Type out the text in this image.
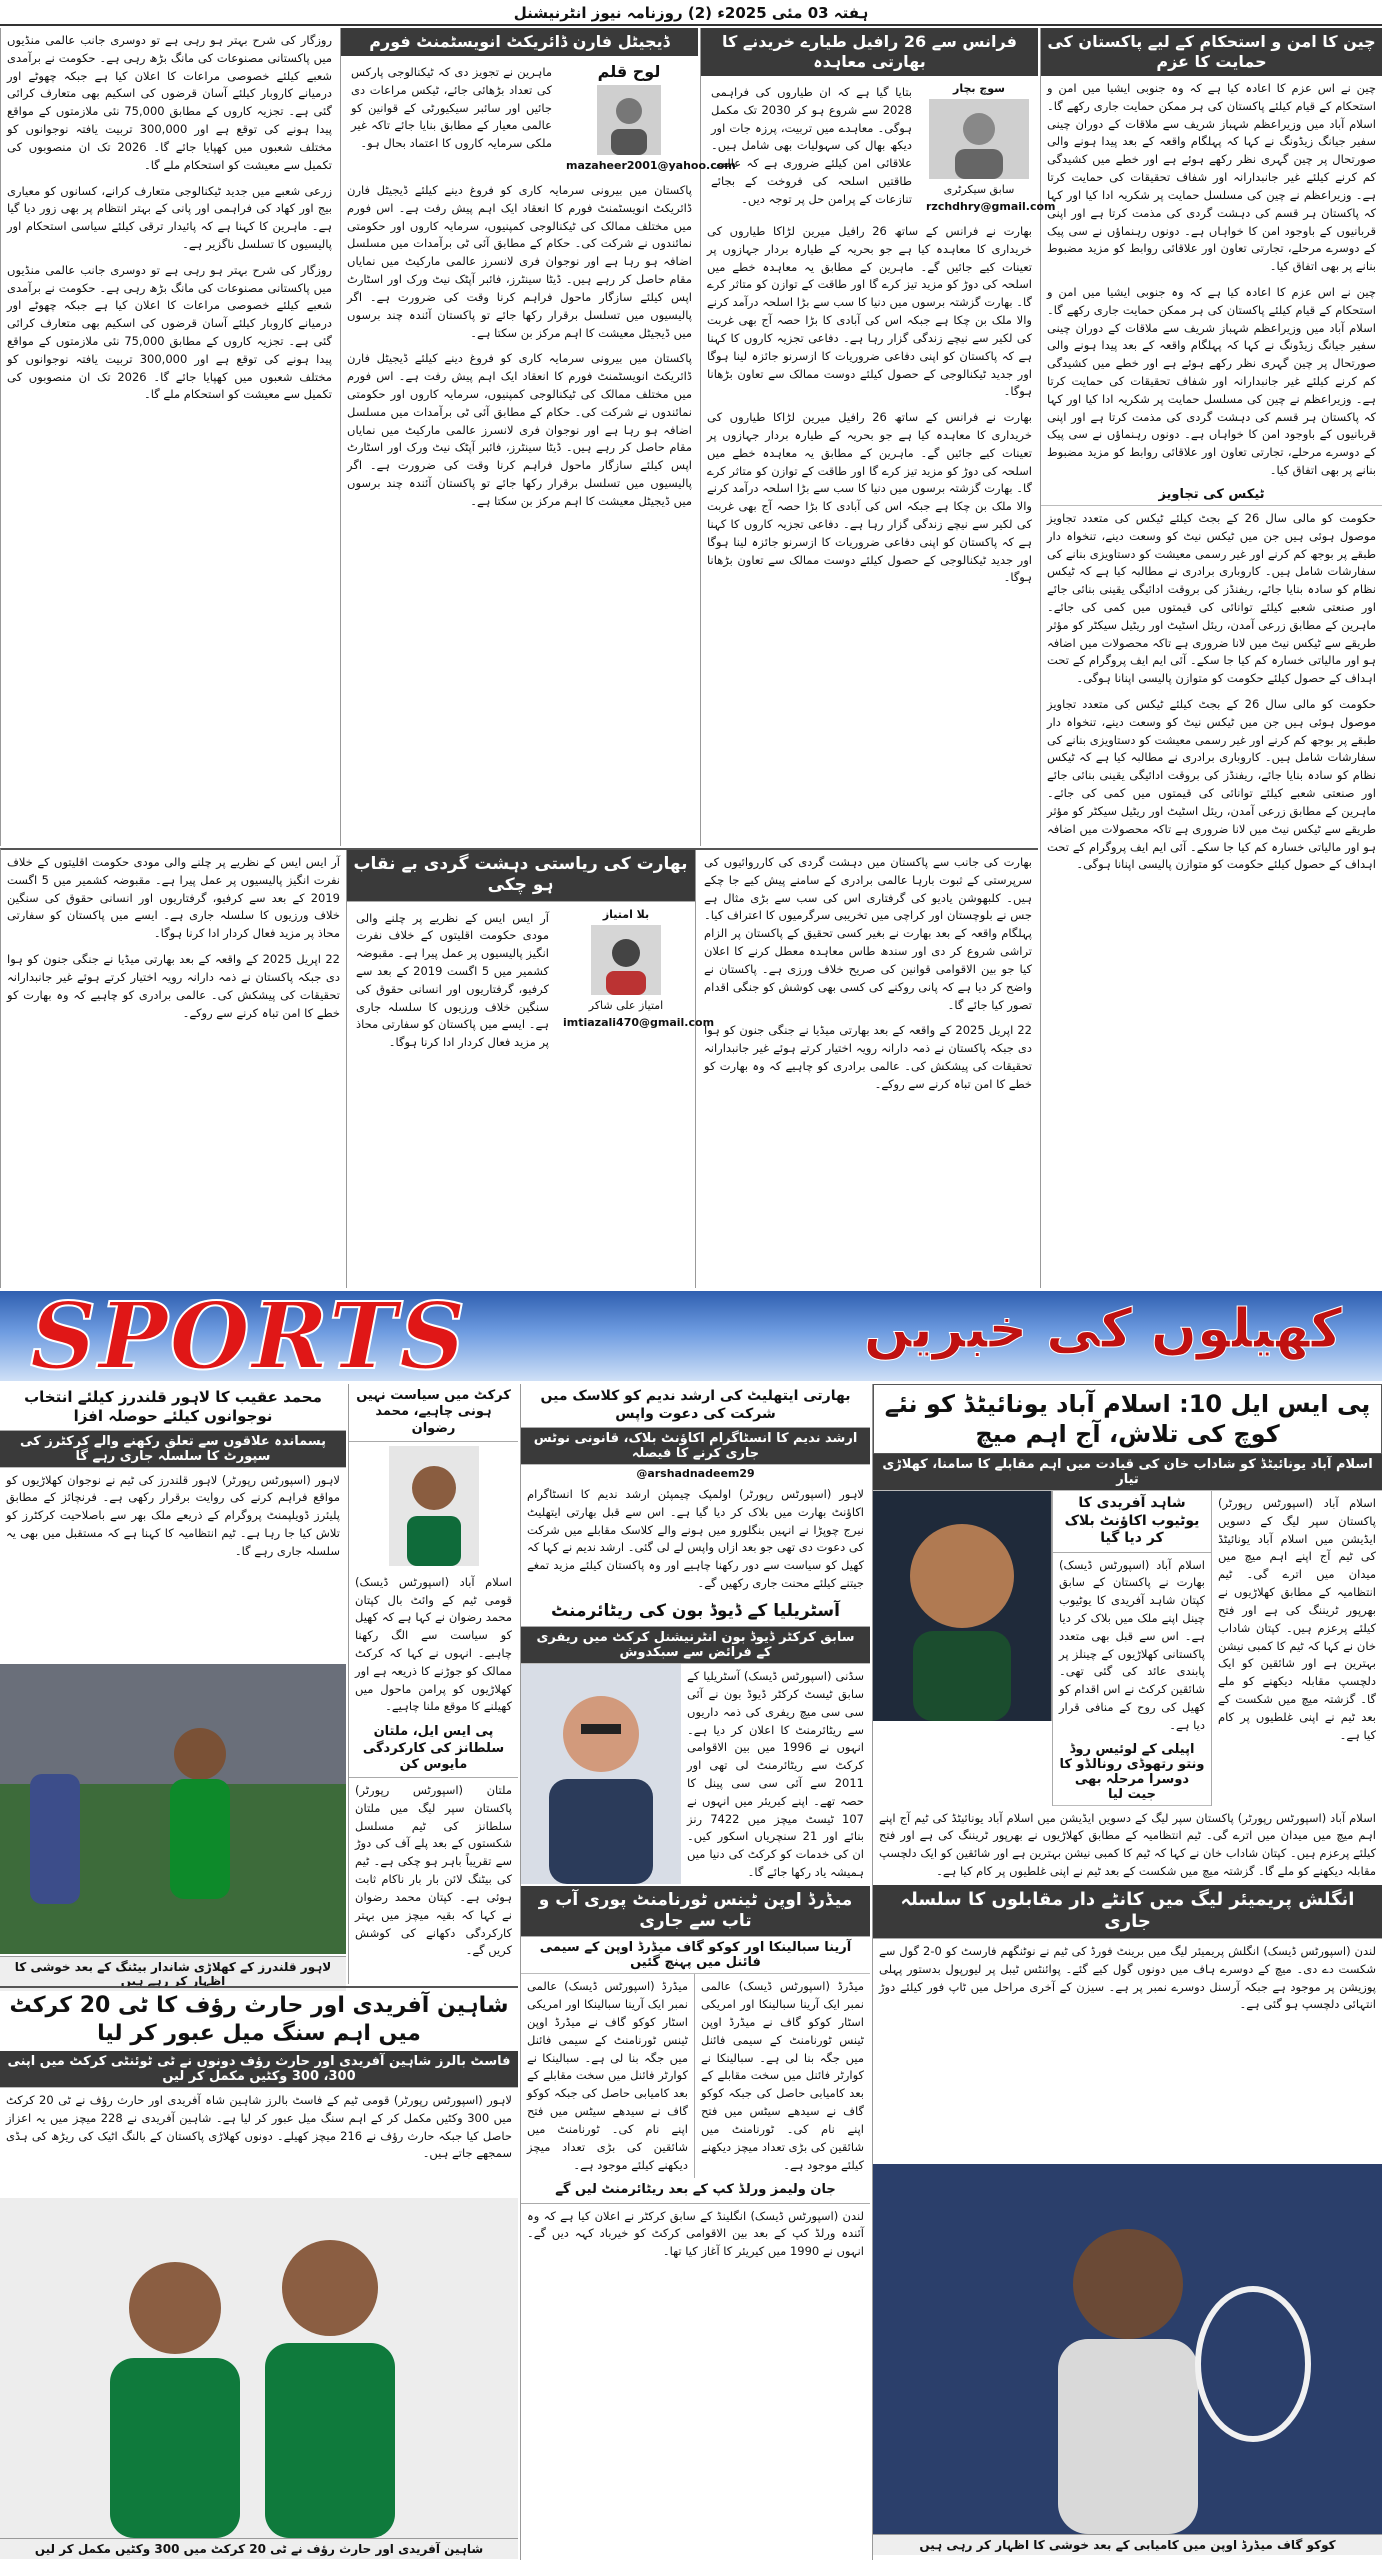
ہفتہ 03 مئی 2025ء (2) روزنامہ نیوز انٹرنیشنل
چین کا امن و استحکام کے لیے پاکستان کی حمایت کا عزم
چین نے اس عزم کا اعادہ کیا ہے کہ وہ جنوبی ایشیا میں امن و استحکام کے قیام کیلئے پاکستان کی ہر ممکن حمایت جاری رکھے گا۔ اسلام آباد میں وزیراعظم شہباز شریف سے ملاقات کے دوران چینی سفیر جیانگ زیڈونگ نے کہا کہ پہلگام واقعہ کے بعد پیدا ہونے والی صورتحال پر چین گہری نظر رکھے ہوئے ہے اور خطے میں کشیدگی کم کرنے کیلئے غیر جانبدارانہ اور شفاف تحقیقات کی حمایت کرتا ہے۔ وزیراعظم نے چین کی مسلسل حمایت پر شکریہ ادا کیا اور کہا کہ پاکستان ہر قسم کی دہشت گردی کی مذمت کرتا ہے اور اپنی قربانیوں کے باوجود امن کا خواہاں ہے۔ دونوں رہنماؤں نے سی پیک کے دوسرے مرحلے، تجارتی تعاون اور علاقائی روابط کو مزید مضبوط بنانے پر بھی اتفاق کیا۔
چین نے اس عزم کا اعادہ کیا ہے کہ وہ جنوبی ایشیا میں امن و استحکام کے قیام کیلئے پاکستان کی ہر ممکن حمایت جاری رکھے گا۔ اسلام آباد میں وزیراعظم شہباز شریف سے ملاقات کے دوران چینی سفیر جیانگ زیڈونگ نے کہا کہ پہلگام واقعہ کے بعد پیدا ہونے والی صورتحال پر چین گہری نظر رکھے ہوئے ہے اور خطے میں کشیدگی کم کرنے کیلئے غیر جانبدارانہ اور شفاف تحقیقات کی حمایت کرتا ہے۔ وزیراعظم نے چین کی مسلسل حمایت پر شکریہ ادا کیا اور کہا کہ پاکستان ہر قسم کی دہشت گردی کی مذمت کرتا ہے اور اپنی قربانیوں کے باوجود امن کا خواہاں ہے۔ دونوں رہنماؤں نے سی پیک کے دوسرے مرحلے، تجارتی تعاون اور علاقائی روابط کو مزید مضبوط بنانے پر بھی اتفاق کیا۔
ٹیکس کی تجاویز
حکومت کو مالی سال 26 کے بجٹ کیلئے ٹیکس کی متعدد تجاویز موصول ہوئی ہیں جن میں ٹیکس نیٹ کو وسعت دینے، تنخواہ دار طبقے پر بوجھ کم کرنے اور غیر رسمی معیشت کو دستاویزی بنانے کی سفارشات شامل ہیں۔ کاروباری برادری نے مطالبہ کیا ہے کہ ٹیکس نظام کو سادہ بنایا جائے، ریفنڈز کی بروقت ادائیگی یقینی بنائی جائے اور صنعتی شعبے کیلئے توانائی کی قیمتوں میں کمی کی جائے۔ ماہرین کے مطابق زرعی آمدن، ریئل اسٹیٹ اور ریٹیل سیکٹر کو مؤثر طریقے سے ٹیکس نیٹ میں لانا ضروری ہے تاکہ محصولات میں اضافہ ہو اور مالیاتی خسارہ کم کیا جا سکے۔ آئی ایم ایف پروگرام کے تحت اہداف کے حصول کیلئے حکومت کو متوازن پالیسی اپنانا ہوگی۔
حکومت کو مالی سال 26 کے بجٹ کیلئے ٹیکس کی متعدد تجاویز موصول ہوئی ہیں جن میں ٹیکس نیٹ کو وسعت دینے، تنخواہ دار طبقے پر بوجھ کم کرنے اور غیر رسمی معیشت کو دستاویزی بنانے کی سفارشات شامل ہیں۔ کاروباری برادری نے مطالبہ کیا ہے کہ ٹیکس نظام کو سادہ بنایا جائے، ریفنڈز کی بروقت ادائیگی یقینی بنائی جائے اور صنعتی شعبے کیلئے توانائی کی قیمتوں میں کمی کی جائے۔ ماہرین کے مطابق زرعی آمدن، ریئل اسٹیٹ اور ریٹیل سیکٹر کو مؤثر طریقے سے ٹیکس نیٹ میں لانا ضروری ہے تاکہ محصولات میں اضافہ ہو اور مالیاتی خسارہ کم کیا جا سکے۔ آئی ایم ایف پروگرام کے تحت اہداف کے حصول کیلئے حکومت کو متوازن پالیسی اپنانا ہوگی۔
فرانس سے 26 رافیل طیارے خریدنے کا بھارتی معاہدہ
سوچ بچار
سابق سیکرٹری
rzchdhry@gmail.com
بتایا گیا ہے کہ ان طیاروں کی فراہمی 2028 سے شروع ہو کر 2030 تک مکمل ہوگی۔ معاہدے میں تربیت، پرزہ جات اور دیکھ بھال کی سہولیات بھی شامل ہیں۔ علاقائی امن کیلئے ضروری ہے کہ عالمی طاقتیں اسلحہ کی فروخت کے بجائے تنازعات کے پرامن حل پر توجہ دیں۔
بھارت نے فرانس کے ساتھ 26 رافیل میرین لڑاکا طیاروں کی خریداری کا معاہدہ کیا ہے جو بحریہ کے طیارہ بردار جہازوں پر تعینات کیے جائیں گے۔ ماہرین کے مطابق یہ معاہدہ خطے میں اسلحہ کی دوڑ کو مزید تیز کرے گا اور طاقت کے توازن کو متاثر کرے گا۔ بھارت گزشتہ برسوں میں دنیا کا سب سے بڑا اسلحہ درآمد کرنے والا ملک بن چکا ہے جبکہ اس کی آبادی کا بڑا حصہ آج بھی غربت کی لکیر سے نیچے زندگی گزار رہا ہے۔ دفاعی تجزیہ کاروں کا کہنا ہے کہ پاکستان کو اپنی دفاعی ضروریات کا ازسرنو جائزہ لینا ہوگا اور جدید ٹیکنالوجی کے حصول کیلئے دوست ممالک سے تعاون بڑھانا ہوگا۔
بھارت نے فرانس کے ساتھ 26 رافیل میرین لڑاکا طیاروں کی خریداری کا معاہدہ کیا ہے جو بحریہ کے طیارہ بردار جہازوں پر تعینات کیے جائیں گے۔ ماہرین کے مطابق یہ معاہدہ خطے میں اسلحہ کی دوڑ کو مزید تیز کرے گا اور طاقت کے توازن کو متاثر کرے گا۔ بھارت گزشتہ برسوں میں دنیا کا سب سے بڑا اسلحہ درآمد کرنے والا ملک بن چکا ہے جبکہ اس کی آبادی کا بڑا حصہ آج بھی غربت کی لکیر سے نیچے زندگی گزار رہا ہے۔ دفاعی تجزیہ کاروں کا کہنا ہے کہ پاکستان کو اپنی دفاعی ضروریات کا ازسرنو جائزہ لینا ہوگا اور جدید ٹیکنالوجی کے حصول کیلئے دوست ممالک سے تعاون بڑھانا ہوگا۔
ڈیجیٹل فارن ڈائریکٹ انویسٹمنٹ فورم
لوح قلم
mazaheer2001@yahoo.com
ماہرین نے تجویز دی کہ ٹیکنالوجی پارکس کی تعداد بڑھائی جائے، ٹیکس مراعات دی جائیں اور سائبر سیکیورٹی کے قوانین کو عالمی معیار کے مطابق بنایا جائے تاکہ غیر ملکی سرمایہ کاروں کا اعتماد بحال ہو۔
پاکستان میں بیرونی سرمایہ کاری کو فروغ دینے کیلئے ڈیجیٹل فارن ڈائریکٹ انویسٹمنٹ فورم کا انعقاد ایک اہم پیش رفت ہے۔ اس فورم میں مختلف ممالک کی ٹیکنالوجی کمپنیوں، سرمایہ کاروں اور حکومتی نمائندوں نے شرکت کی۔ حکام کے مطابق آئی ٹی برآمدات میں مسلسل اضافہ ہو رہا ہے اور نوجوان فری لانسرز عالمی مارکیٹ میں نمایاں مقام حاصل کر رہے ہیں۔ ڈیٹا سینٹرز، فائبر آپٹک نیٹ ورک اور اسٹارٹ اپس کیلئے سازگار ماحول فراہم کرنا وقت کی ضرورت ہے۔ اگر پالیسیوں میں تسلسل برقرار رکھا جائے تو پاکستان آئندہ چند برسوں میں ڈیجیٹل معیشت کا اہم مرکز بن سکتا ہے۔
پاکستان میں بیرونی سرمایہ کاری کو فروغ دینے کیلئے ڈیجیٹل فارن ڈائریکٹ انویسٹمنٹ فورم کا انعقاد ایک اہم پیش رفت ہے۔ اس فورم میں مختلف ممالک کی ٹیکنالوجی کمپنیوں، سرمایہ کاروں اور حکومتی نمائندوں نے شرکت کی۔ حکام کے مطابق آئی ٹی برآمدات میں مسلسل اضافہ ہو رہا ہے اور نوجوان فری لانسرز عالمی مارکیٹ میں نمایاں مقام حاصل کر رہے ہیں۔ ڈیٹا سینٹرز، فائبر آپٹک نیٹ ورک اور اسٹارٹ اپس کیلئے سازگار ماحول فراہم کرنا وقت کی ضرورت ہے۔ اگر پالیسیوں میں تسلسل برقرار رکھا جائے تو پاکستان آئندہ چند برسوں میں ڈیجیٹل معیشت کا اہم مرکز بن سکتا ہے۔
روزگار کی شرح بہتر ہو رہی ہے تو دوسری جانب عالمی منڈیوں میں پاکستانی مصنوعات کی مانگ بڑھ رہی ہے۔ حکومت نے برآمدی شعبے کیلئے خصوصی مراعات کا اعلان کیا ہے جبکہ چھوٹے اور درمیانے کاروبار کیلئے آسان قرضوں کی اسکیم بھی متعارف کرائی گئی ہے۔ تجزیہ کاروں کے مطابق 75,000 نئی ملازمتوں کے مواقع پیدا ہونے کی توقع ہے اور 300,000 تربیت یافتہ نوجوانوں کو مختلف شعبوں میں کھپایا جائے گا۔ 2026 تک ان منصوبوں کی تکمیل سے معیشت کو استحکام ملے گا۔
زرعی شعبے میں جدید ٹیکنالوجی متعارف کرانے، کسانوں کو معیاری بیج اور کھاد کی فراہمی اور پانی کے بہتر انتظام پر بھی زور دیا گیا ہے۔ ماہرین کا کہنا ہے کہ پائیدار ترقی کیلئے سیاسی استحکام اور پالیسیوں کا تسلسل ناگزیر ہے۔
روزگار کی شرح بہتر ہو رہی ہے تو دوسری جانب عالمی منڈیوں میں پاکستانی مصنوعات کی مانگ بڑھ رہی ہے۔ حکومت نے برآمدی شعبے کیلئے خصوصی مراعات کا اعلان کیا ہے جبکہ چھوٹے اور درمیانے کاروبار کیلئے آسان قرضوں کی اسکیم بھی متعارف کرائی گئی ہے۔ تجزیہ کاروں کے مطابق 75,000 نئی ملازمتوں کے مواقع پیدا ہونے کی توقع ہے اور 300,000 تربیت یافتہ نوجوانوں کو مختلف شعبوں میں کھپایا جائے گا۔ 2026 تک ان منصوبوں کی تکمیل سے معیشت کو استحکام ملے گا۔
بھارت کی جانب سے پاکستان میں دہشت گردی کی کارروائیوں کی سرپرستی کے ثبوت بارہا عالمی برادری کے سامنے پیش کیے جا چکے ہیں۔ کلبھوشن یادیو کی گرفتاری اس کی سب سے بڑی مثال ہے جس نے بلوچستان اور کراچی میں تخریبی سرگرمیوں کا اعتراف کیا۔ پہلگام واقعہ کے بعد بھارت نے بغیر کسی تحقیق کے پاکستان پر الزام تراشی شروع کر دی اور سندھ طاس معاہدہ معطل کرنے کا اعلان کیا جو بین الاقوامی قوانین کی صریح خلاف ورزی ہے۔ پاکستان نے واضح کر دیا ہے کہ پانی روکنے کی کسی بھی کوشش کو جنگی اقدام تصور کیا جائے گا۔
22 اپریل 2025 کے واقعہ کے بعد بھارتی میڈیا نے جنگی جنون کو ہوا دی جبکہ پاکستان نے ذمہ دارانہ رویہ اختیار کرتے ہوئے غیر جانبدارانہ تحقیقات کی پیشکش کی۔ عالمی برادری کو چاہیے کہ وہ بھارت کو خطے کا امن تباہ کرنے سے روکے۔
بھارت کی ریاستی دہشت گردی بے نقاب ہو چکی
بلا امتیاز
امتیاز علی شاکر
imtiazali470@gmail.com
آر ایس ایس کے نظریے پر چلنے والی مودی حکومت اقلیتوں کے خلاف نفرت انگیز پالیسیوں پر عمل پیرا ہے۔ مقبوضہ کشمیر میں 5 اگست 2019 کے بعد سے کرفیو، گرفتاریوں اور انسانی حقوق کی سنگین خلاف ورزیوں کا سلسلہ جاری ہے۔ ایسے میں پاکستان کو سفارتی محاذ پر مزید فعال کردار ادا کرنا ہوگا۔
آر ایس ایس کے نظریے پر چلنے والی مودی حکومت اقلیتوں کے خلاف نفرت انگیز پالیسیوں پر عمل پیرا ہے۔ مقبوضہ کشمیر میں 5 اگست 2019 کے بعد سے کرفیو، گرفتاریوں اور انسانی حقوق کی سنگین خلاف ورزیوں کا سلسلہ جاری ہے۔ ایسے میں پاکستان کو سفارتی محاذ پر مزید فعال کردار ادا کرنا ہوگا۔
22 اپریل 2025 کے واقعہ کے بعد بھارتی میڈیا نے جنگی جنون کو ہوا دی جبکہ پاکستان نے ذمہ دارانہ رویہ اختیار کرتے ہوئے غیر جانبدارانہ تحقیقات کی پیشکش کی۔ عالمی برادری کو چاہیے کہ وہ بھارت کو خطے کا امن تباہ کرنے سے روکے۔
SPORTS	کھیلوں کی خبریں
پی ایس ایل 10: اسلام آباد یونائیٹڈ کو نئے کوچ کی تلاش، آج اہم میچ
اسلام آباد یونائیٹڈ کو شاداب خان کی قیادت میں اہم مقابلے کا سامنا، کھلاڑی تیار
اسلام آباد (اسپورٹس رپورٹر) پاکستان سپر لیگ کے دسویں ایڈیشن میں اسلام آباد یونائیٹڈ کی ٹیم آج اپنے اہم میچ میں میدان میں اترے گی۔ ٹیم انتظامیہ کے مطابق کھلاڑیوں نے بھرپور ٹریننگ کی ہے اور فتح کیلئے پرعزم ہیں۔ کپتان شاداب خان نے کہا کہ ٹیم کا کمبی نیشن بہترین ہے اور شائقین کو ایک دلچسپ مقابلہ دیکھنے کو ملے گا۔ گزشتہ میچ میں شکست کے بعد ٹیم نے اپنی غلطیوں پر کام کیا ہے۔
شاہد آفریدی کا یوٹیوب اکاؤنٹ بلاک کر دیا گیا
اسلام آباد (اسپورٹس ڈیسک) بھارت نے پاکستان کے سابق کپتان شاہد آفریدی کا یوٹیوب چینل اپنے ملک میں بلاک کر دیا ہے۔ اس سے قبل بھی متعدد پاکستانی کھلاڑیوں کے چینلز پر پابندی عائد کی گئی تھی۔ شائقین کرکٹ نے اس اقدام کو کھیل کی روح کے منافی قرار دیا ہے۔
اپیلی کے لوئیس روڈ ونتو رتھوڈی رونالڈو کا دوسرا مرحلہ بھی جیت لیا
اسلام آباد (اسپورٹس رپورٹر) پاکستان سپر لیگ کے دسویں ایڈیشن میں اسلام آباد یونائیٹڈ کی ٹیم آج اپنے اہم میچ میں میدان میں اترے گی۔ ٹیم انتظامیہ کے مطابق کھلاڑیوں نے بھرپور ٹریننگ کی ہے اور فتح کیلئے پرعزم ہیں۔ کپتان شاداب خان نے کہا کہ ٹیم کا کمبی نیشن بہترین ہے اور شائقین کو ایک دلچسپ مقابلہ دیکھنے کو ملے گا۔ گزشتہ میچ میں شکست کے بعد ٹیم نے اپنی غلطیوں پر کام کیا ہے۔
انگلش پریمیئر لیگ میں کانٹے دار مقابلوں کا سلسلہ جاری
لندن (اسپورٹس ڈیسک) انگلش پریمیئر لیگ میں برینٹ فورڈ کی ٹیم نے نوٹنگھم فارسٹ کو 0-2 گول سے شکست دے دی۔ میچ کے دوسرے ہاف میں دونوں گول کیے گئے۔ پوائنٹس ٹیبل پر لیورپول بدستور پہلی پوزیشن پر موجود ہے جبکہ آرسنل دوسرے نمبر پر ہے۔ سیزن کے آخری مراحل میں ٹاپ فور کیلئے دوڑ انتہائی دلچسپ ہو گئی ہے۔
کوکو گاف میڈرڈ اوپن میں کامیابی کے بعد خوشی کا اظہار کر رہی ہیں
بھارتی ایتھلیٹ کی ارشد ندیم کو کلاسک میں شرکت کی دعوت واپس
ارشد ندیم کا انسٹاگرام اکاؤنٹ بلاک، قانونی نوٹس جاری کرنے کا فیصلہ
@arshadnadeem29
لاہور (اسپورٹس رپورٹر) اولمپک چیمپئن ارشد ندیم کا انسٹاگرام اکاؤنٹ بھارت میں بلاک کر دیا گیا ہے۔ اس سے قبل بھارتی ایتھلیٹ نیرج چوپڑا نے انہیں بنگلورو میں ہونے والے کلاسک مقابلے میں شرکت کی دعوت دی تھی جو بعد ازاں واپس لے لی گئی۔ ارشد ندیم نے کہا کہ کھیل کو سیاست سے دور رکھنا چاہیے اور وہ پاکستان کیلئے مزید تمغے جیتنے کیلئے محنت جاری رکھیں گے۔
آسٹریلیا کے ڈیوڈ بون کی ریٹائرمنٹ
سابق کرکٹر ڈیوڈ بون انٹرنیشنل کرکٹ میں ریفری کے فرائض سے سبکدوش
سڈنی (اسپورٹس ڈیسک) آسٹریلیا کے سابق ٹیسٹ کرکٹر ڈیوڈ بون نے آئی سی سی میچ ریفری کی ذمہ داریوں سے ریٹائرمنٹ کا اعلان کر دیا ہے۔ انہوں نے 1996 میں بین الاقوامی کرکٹ سے ریٹائرمنٹ لی تھی اور 2011 سے آئی سی سی پینل کا حصہ تھے۔ اپنے کیریئر میں انہوں نے 107 ٹیسٹ میچز میں 7422 رنز بنائے اور 21 سنچریاں اسکور کیں۔ ان کی خدمات کو کرکٹ کی دنیا میں ہمیشہ یاد رکھا جائے گا۔
میڈرڈ اوپن ٹینس ٹورنامنٹ پوری آب و تاب سے جاری
آرینا سبالینکا اور کوکو گاف میڈرڈ اوپن کے سیمی فائنل میں پہنچ گئیں
میڈرڈ (اسپورٹس ڈیسک) عالمی نمبر ایک آرینا سبالینکا اور امریکی اسٹار کوکو گاف نے میڈرڈ اوپن ٹینس ٹورنامنٹ کے سیمی فائنل میں جگہ بنا لی ہے۔ سبالینکا نے کوارٹر فائنل میں سخت مقابلے کے بعد کامیابی حاصل کی جبکہ کوکو گاف نے سیدھے سیٹس میں فتح اپنے نام کی۔ ٹورنامنٹ میں شائقین کی بڑی تعداد میچز دیکھنے کیلئے موجود ہے۔
میڈرڈ (اسپورٹس ڈیسک) عالمی نمبر ایک آرینا سبالینکا اور امریکی اسٹار کوکو گاف نے میڈرڈ اوپن ٹینس ٹورنامنٹ کے سیمی فائنل میں جگہ بنا لی ہے۔ سبالینکا نے کوارٹر فائنل میں سخت مقابلے کے بعد کامیابی حاصل کی جبکہ کوکو گاف نے سیدھے سیٹس میں فتح اپنے نام کی۔ ٹورنامنٹ میں شائقین کی بڑی تعداد میچز دیکھنے کیلئے موجود ہے۔
جان ولیمز ورلڈ کپ کے بعد ریٹائرمنٹ لیں گے
لندن (اسپورٹس ڈیسک) انگلینڈ کے سابق کرکٹر نے اعلان کیا ہے کہ وہ آئندہ ورلڈ کپ کے بعد بین الاقوامی کرکٹ کو خیرباد کہہ دیں گے۔ انہوں نے 1990 میں کیریئر کا آغاز کیا تھا۔
کرکٹ میں سیاست نہیں ہونی چاہیے، محمد رضوان
اسلام آباد (اسپورٹس ڈیسک) قومی ٹیم کے وائٹ بال کپتان محمد رضوان نے کہا ہے کہ کھیل کو سیاست سے الگ رکھنا چاہیے۔ انہوں نے کہا کہ کرکٹ ممالک کو جوڑنے کا ذریعہ ہے اور کھلاڑیوں کو پرامن ماحول میں کھیلنے کا موقع ملنا چاہیے۔
پی ایس ایل، ملتان سلطانز کی کارکردگی مایوس کن
ملتان (اسپورٹس رپورٹر) پاکستان سپر لیگ میں ملتان سلطانز کی ٹیم مسلسل شکستوں کے بعد پلے آف کی دوڑ سے تقریباً باہر ہو چکی ہے۔ ٹیم کی بیٹنگ لائن بار بار ناکام ثابت ہوئی ہے۔ کپتان محمد رضوان نے کہا کہ بقیہ میچز میں بہتر کارکردگی دکھانے کی کوشش کریں گے۔
محمد عقیب کا لاہور قلندرز کیلئے انتخاب نوجوانوں کیلئے حوصلہ افزا
پسماندہ علاقوں سے تعلق رکھنے والے کرکٹرز کی سپورٹ کا سلسلہ جاری رہے گا
لاہور (اسپورٹس رپورٹر) لاہور قلندرز کی ٹیم نے نوجوان کھلاڑیوں کو مواقع فراہم کرنے کی روایت برقرار رکھی ہے۔ فرنچائز کے مطابق پلیئرز ڈویلپمنٹ پروگرام کے ذریعے ملک بھر سے باصلاحیت کرکٹرز کو تلاش کیا جا رہا ہے۔ ٹیم انتظامیہ کا کہنا ہے کہ مستقبل میں بھی یہ سلسلہ جاری رہے گا۔
لاہور قلندرز کے کھلاڑی شاندار بیٹنگ کے بعد خوشی کا اظہار کر رہے ہیں
شاہین آفریدی اور حارث رؤف کا ٹی 20 کرکٹ میں اہم سنگ میل عبور کر لیا
فاسٹ بالرز شاہین آفریدی اور حارث رؤف دونوں نے ٹی ٹوئنٹی کرکٹ میں اپنی 300، 300 وکٹیں مکمل کر لیں
لاہور (اسپورٹس رپورٹر) قومی ٹیم کے فاسٹ بالرز شاہین شاہ آفریدی اور حارث رؤف نے ٹی 20 کرکٹ میں 300 وکٹیں مکمل کر کے اہم سنگ میل عبور کر لیا ہے۔ شاہین آفریدی نے 228 میچز میں یہ اعزاز حاصل کیا جبکہ حارث رؤف نے 216 میچز کھیلے۔ دونوں کھلاڑی پاکستان کے بالنگ اٹیک کی ریڑھ کی ہڈی سمجھے جاتے ہیں۔
شاہین آفریدی اور حارث رؤف نے ٹی 20 کرکٹ میں 300 وکٹیں مکمل کر لیں
